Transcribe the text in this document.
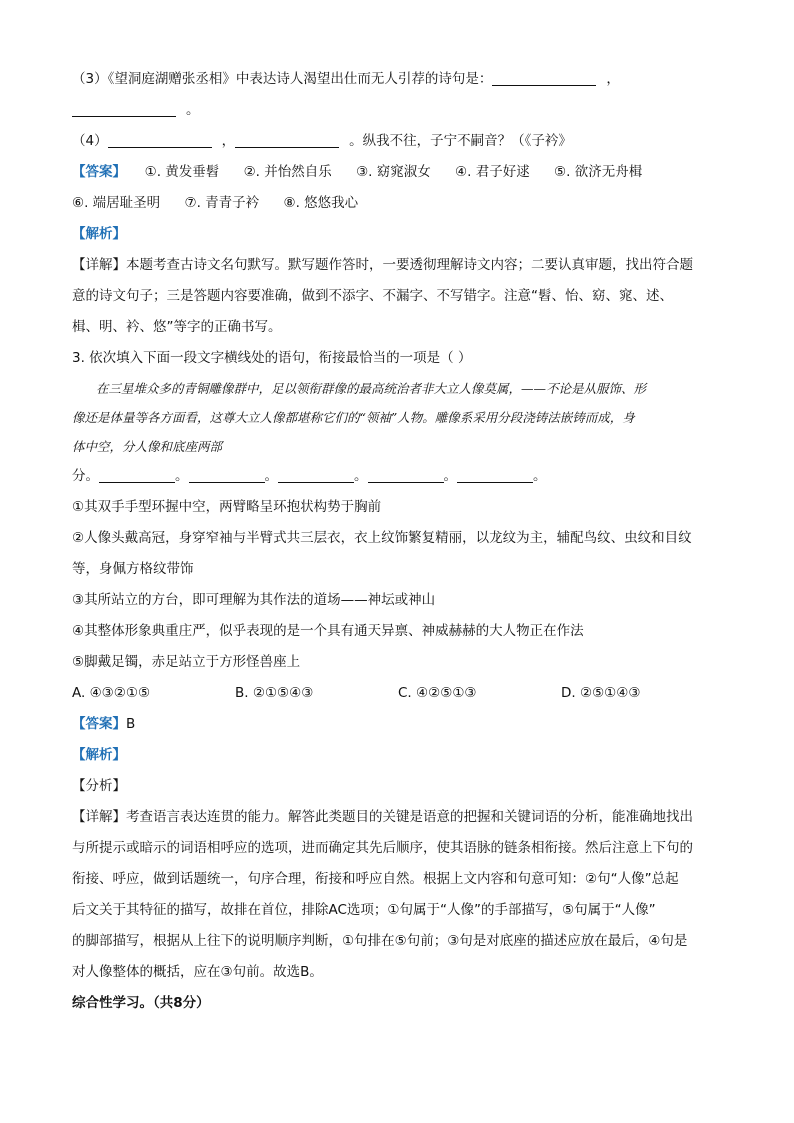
（3）《望洞庭湖赠张丞相》中表达诗人渴望出仕而无人引荐的诗句是：	，
。
（4）	，	。纵我不往，子宁不嗣音？（《子衿》
【答案】 ①. 黄发垂髫 ②. 并怡然自乐 ③. 窈窕淑女 ④. 君子好逑 ⑤. 欲济无舟楫
⑥. 端居耻圣明 ⑦. 青青子衿 ⑧. 悠悠我心
【解析】
【详解】本题考查古诗文名句默写。默写题作答时，一要透彻理解诗文内容；二要认真审题，找出符合题
意的诗文句子；三是答题内容要准确，做到不添字、不漏字、不写错字。注意“髫、怡、窈、窕、述、
楫、明、衿、悠”等字的正确书写。
3. 依次填入下面一段文字横线处的语句，衔接最恰当的一项是（ ）
在三星堆众多的青铜雕像群中，足以领衔群像的最高统治者非大立人像莫属，——不论是从服饰、形
像还是体量等各方面看，这尊大立人像都堪称它们的“领袖”人物。雕像系采用分段浇铸法嵌铸而成，身
体中空，分人像和底座两部
分。	。	。	。	。	。
①其双手手型环握中空，两臂略呈环抱状构势于胸前
②人像头戴高冠，身穿窄袖与半臂式共三层衣，衣上纹饰繁复精丽，以龙纹为主，辅配鸟纹、虫纹和目纹
等，身佩方格纹带饰
③其所站立的方台，即可理解为其作法的道场——神坛或神山
④其整体形象典重庄严，似乎表现的是一个具有通天异禀、神威赫赫的大人物正在作法
⑤脚戴足镯，赤足站立于方形怪兽座上
A. ④③②①⑤	B. ②①⑤④③	C. ④②⑤①③	D. ②⑤①④③
【答案】B
【解析】
【分析】
【详解】考查语言表达连贯的能力。解答此类题目的关键是语意的把握和关键词语的分析，能准确地找出
与所提示或暗示的词语相呼应的选项，进而确定其先后顺序，使其语脉的链条相衔接。然后注意上下句的
衔接、呼应，做到话题统一，句序合理，衔接和呼应自然。根据上文内容和句意可知：②句“人像”总起
后文关于其特征的描写，故排在首位，排除AC选项；①句属于“人像”的手部描写，⑤句属于“人像”
的脚部描写，根据从上往下的说明顺序判断，①句排在⑤句前；③句是对底座的描述应放在最后，④句是
对人像整体的概括，应在③句前。故选B。
综合性学习。（共8分）
